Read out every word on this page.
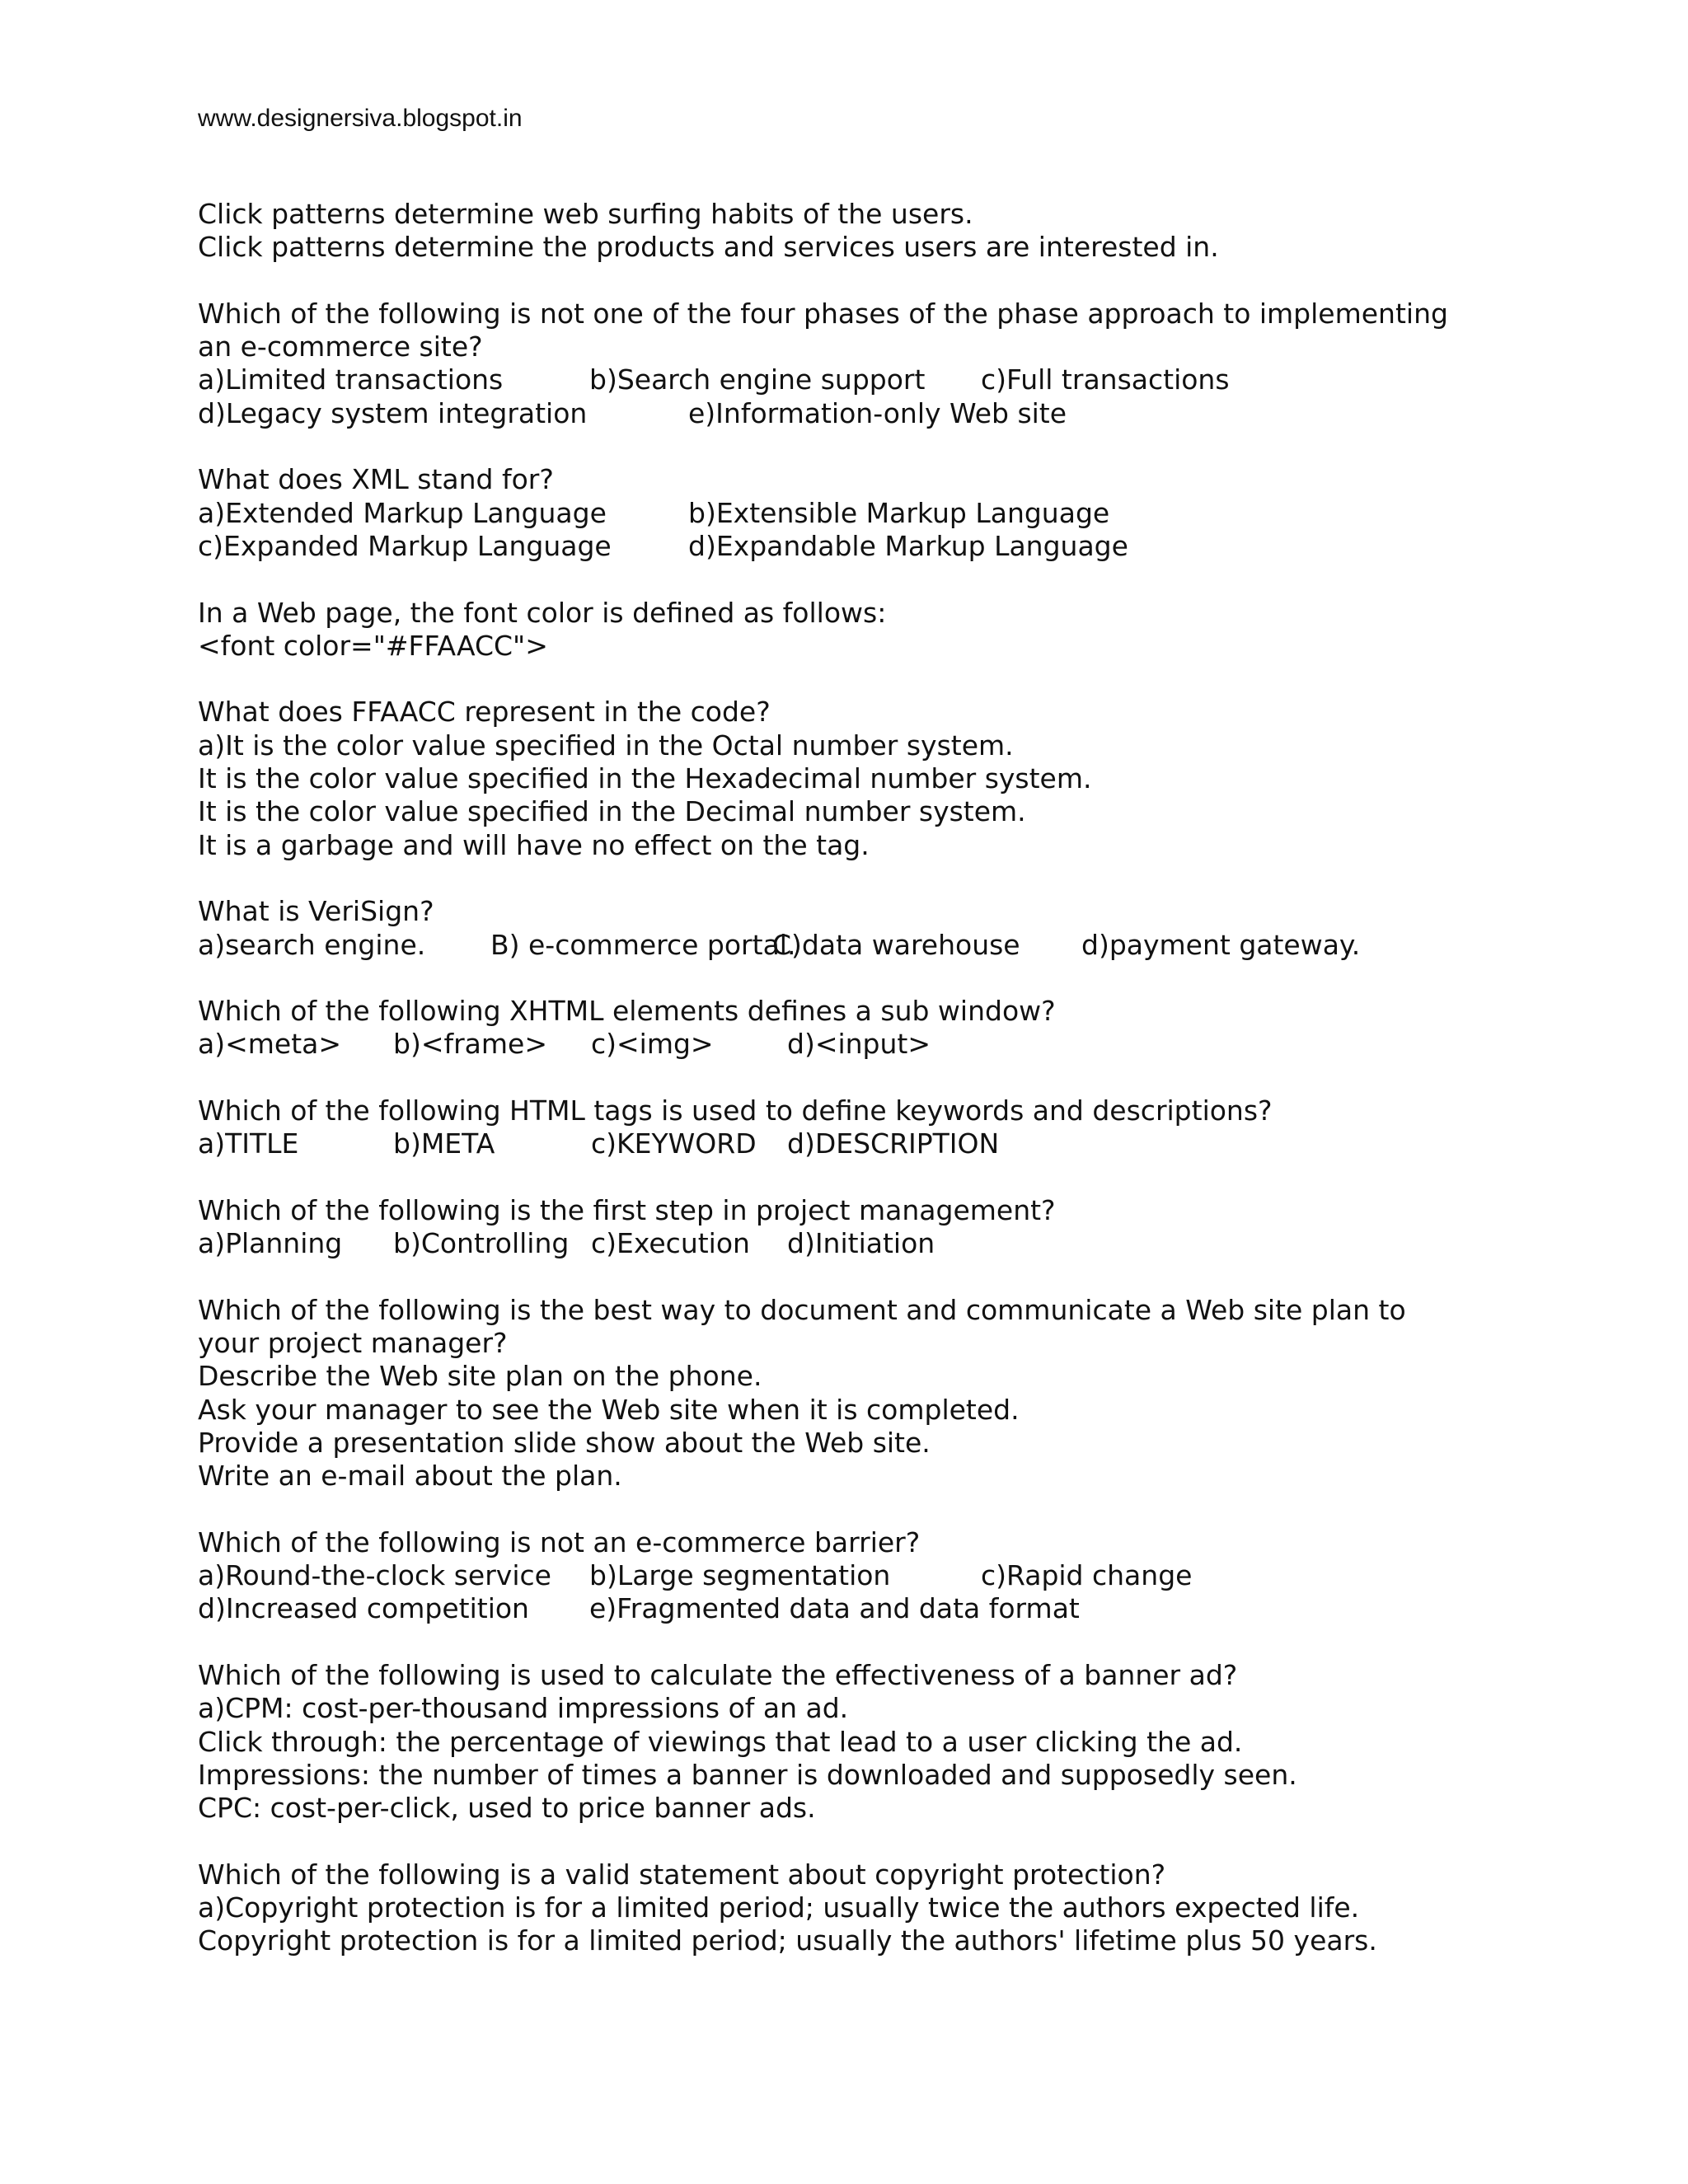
www.designersiva.blogspot.in
Click patterns determine web surfing habits of the users.
Click patterns determine the products and services users are interested in.
Which of the following is not one of the four phases of the phase approach to implementing
an e-commerce site?
a)Limited transactions	b)Search engine support c)Full transactions
d)Legacy system integration	e)Information-only Web site
What does XML stand for?
a)Extended Markup Language	b)Extensible Markup Language
c)Expanded Markup Language	d)Expandable Markup Language
In a Web page, the font color is defined as follows:
<font color="#FFAACC">
What does FFAACC represent in the code?
a)It is the color value specified in the Octal number system.
It is the color value specified in the Hexadecimal number system.
It is the color value specified in the Decimal number system.
It is a garbage and will have no effect on the tag.
What is VeriSign?
a)search engine. B) e-commerce portal.
C)data warehouse d)payment gateway.
Which of the following XHTML elements defines a sub window?
a)<meta> b)<frame> c)<img>	d)<input>
Which of the following HTML tags is used to define keywords and descriptions?
a)TITLE	b)META	c)KEYWORD d)DESCRIPTION
Which of the following is the first step in project management?
a)Planning b)Controlling c)Execution d)Initiation
Which of the following is the best way to document and communicate a Web site plan to
your project manager?
Describe the Web site plan on the phone.
Ask your manager to see the Web site when it is completed.
Provide a presentation slide show about the Web site.
Write an e-mail about the plan.
Which of the following is not an e-commerce barrier?
a)Round-the-clock service b)Large segmentation	c)Rapid change
d)Increased competition e)Fragmented data and data format
Which of the following is used to calculate the effectiveness of a banner ad?
a)CPM: cost-per-thousand impressions of an ad.
Click through: the percentage of viewings that lead to a user clicking the ad.
Impressions: the number of times a banner is downloaded and supposedly seen.
CPC: cost-per-click, used to price banner ads.
Which of the following is a valid statement about copyright protection?
a)Copyright protection is for a limited period; usually twice the authors expected life.
Copyright protection is for a limited period; usually the authors' lifetime plus 50 years.
